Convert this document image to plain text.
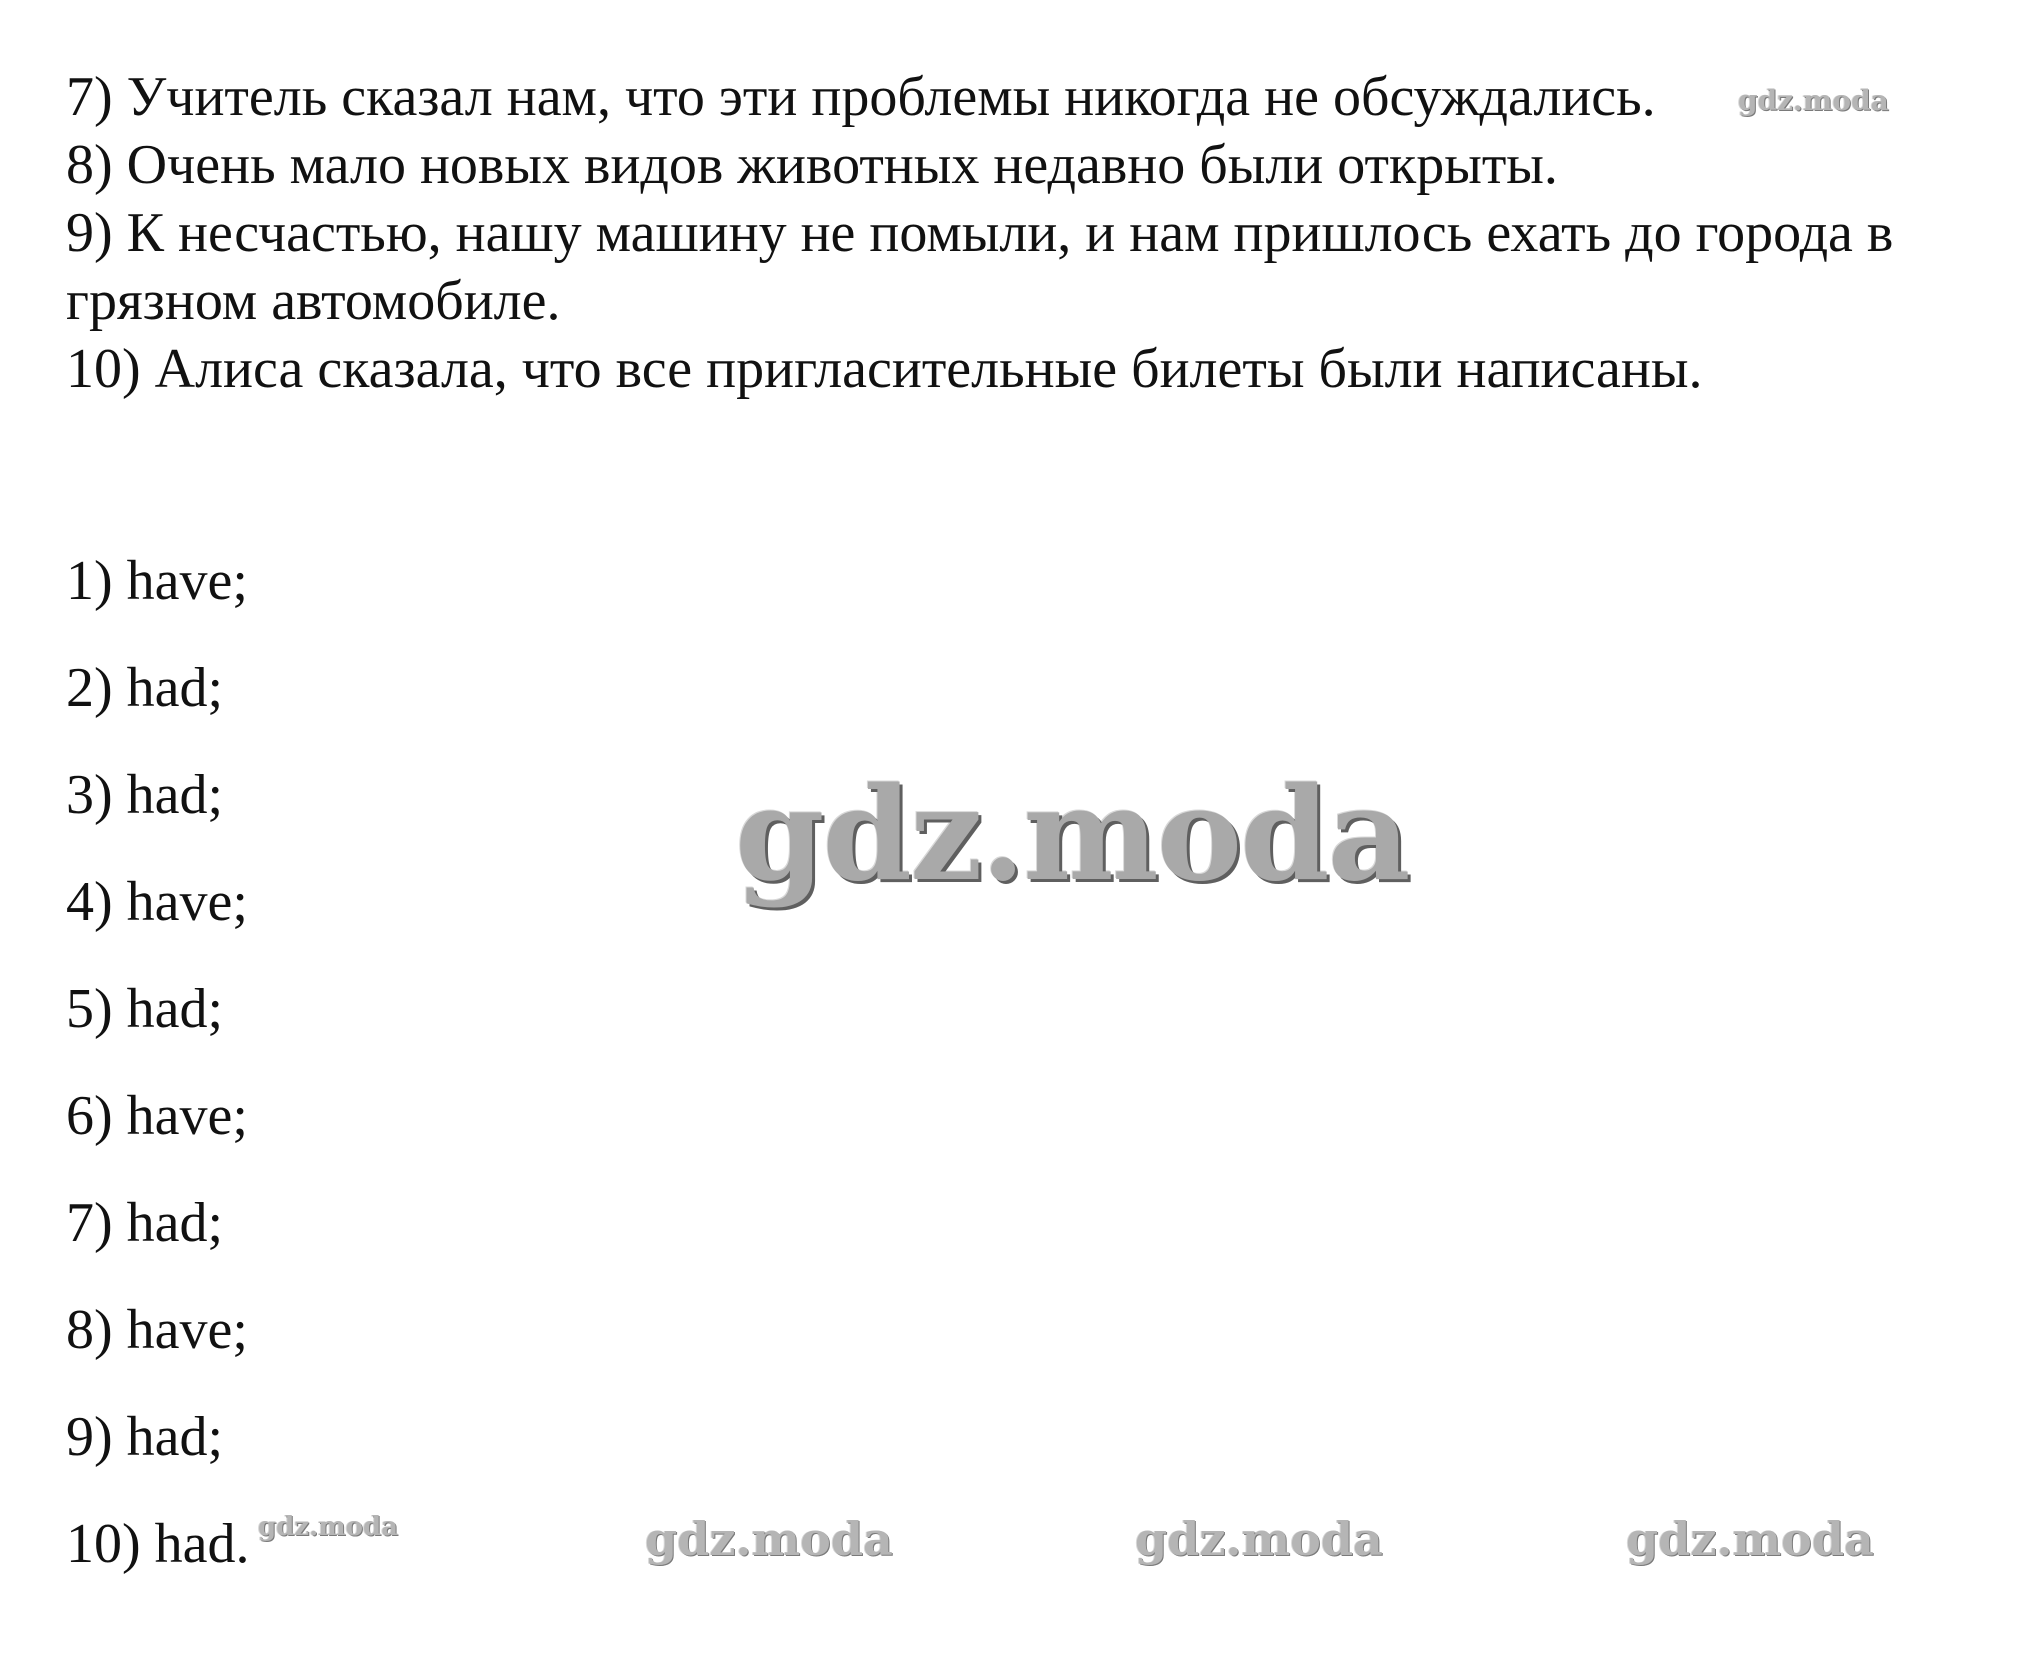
7) Учитель сказал нам, что эти проблемы никогда не обсуждались.
8) Очень мало новых видов животных недавно были открыты.
9) К несчастью, нашу машину не помыли, и нам пришлось ехать до города в
грязном автомобиле.
10) Алиса сказала, что все пригласительные билеты были написаны.
1) have;
2) had;
3) had;
4) have;
5) had;
6) have;
7) had;
8) have;
9) had;
10) had.
gdz.moda
gdz.moda
gdz.moda	gdz.moda	gdz.moda	gdz.moda
